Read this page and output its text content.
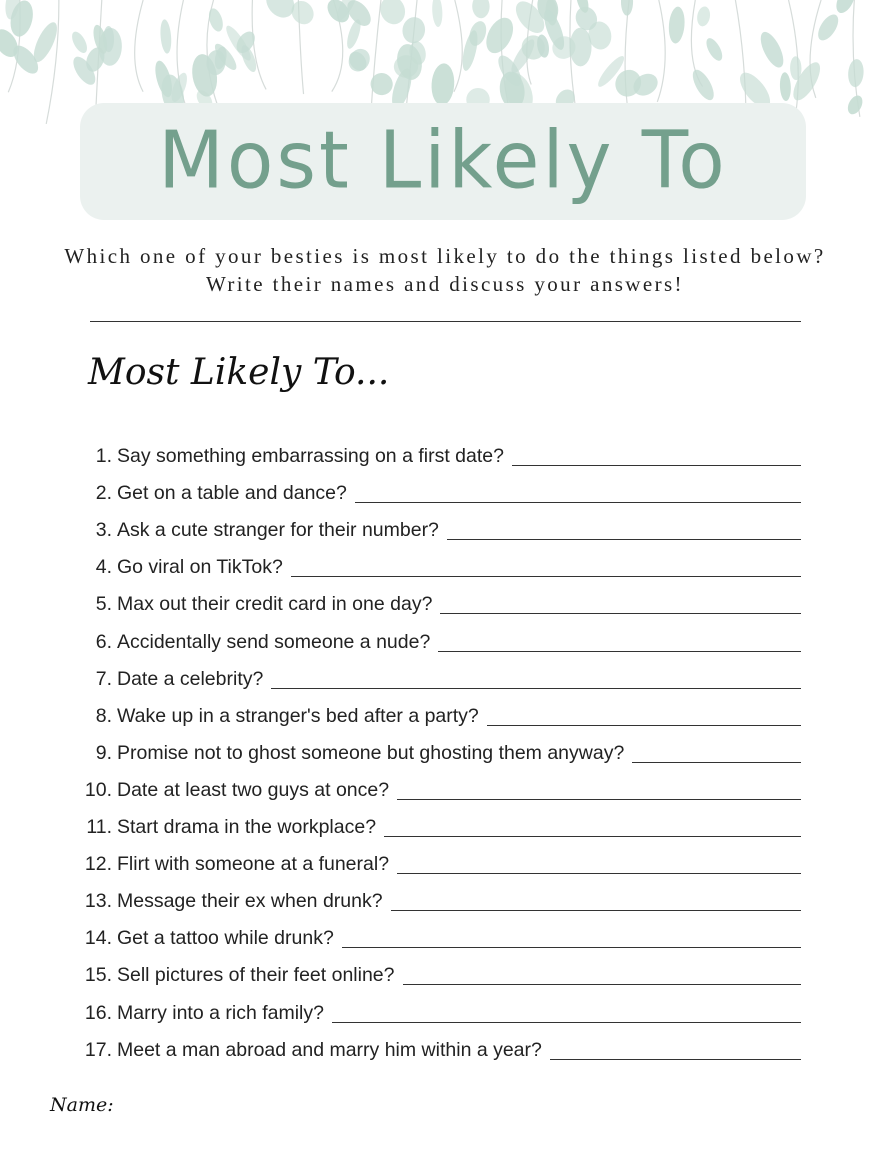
Most Likely To
Which one of your besties is most likely to do the things listed below? Write their names and discuss your answers!
Most Likely To...
1. Say something embarrassing on a first date?
2. Get on a table and dance?
3. Ask a cute stranger for their number?
4. Go viral on TikTok?
5. Max out their credit card in one day?
6. Accidentally send someone a nude?
7. Date a celebrity?
8. Wake up in a stranger's bed after a party?
9. Promise not to ghost someone but ghosting them anyway?
10. Date at least two guys at once?
11. Start drama in the workplace?
12. Flirt with someone at a funeral?
13. Message their ex when drunk?
14. Get a tattoo while drunk?
15. Sell pictures of their feet online?
16. Marry into a rich family?
17. Meet a man abroad and marry him within a year?
Name:
